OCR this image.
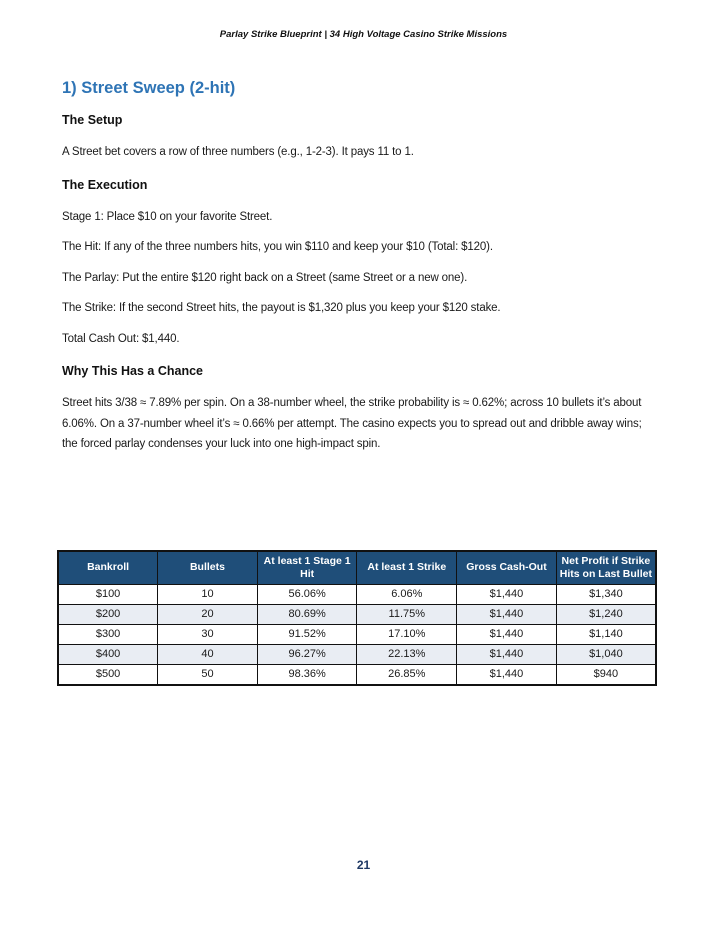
Parlay Strike Blueprint | 34 High Voltage Casino Strike Missions
1) Street Sweep (2-hit)
The Setup

A Street bet covers a row of three numbers (e.g., 1-2-3). It pays 11 to 1.

The Execution

Stage 1: Place $10 on your favorite Street.

The Hit: If any of the three numbers hits, you win $110 and keep your $10 (Total: $120).

The Parlay: Put the entire $120 right back on a Street (same Street or a new one).

The Strike: If the second Street hits, the payout is $1,320 plus you keep your $120 stake.

Total Cash Out: $1,440.

Why This Has a Chance

Street hits 3/38 ≈ 7.89% per spin. On a 38-number wheel, the strike probability is ≈ 0.62%; across 10 bullets it’s about 6.06%. On a 37-number wheel it’s ≈ 0.66% per attempt. The casino expects you to spread out and dribble away wins; the forced parlay condenses your luck into one high-impact spin.

Bankroll	Bullets	At least 1 Stage 1 Hit	At least 1 Strike	Gross Cash-Out	Net Profit if Strike Hits on Last Bullet
$100	10	56.06%	6.06%	$1,440	$1,340
$200	20	80.69%	11.75%	$1,440	$1,240
$300	30	91.52%	17.10%	$1,440	$1,140
$400	40	96.27%	22.13%	$1,440	$1,040
$500	50	98.36%	26.85%	$1,440	$940
21
